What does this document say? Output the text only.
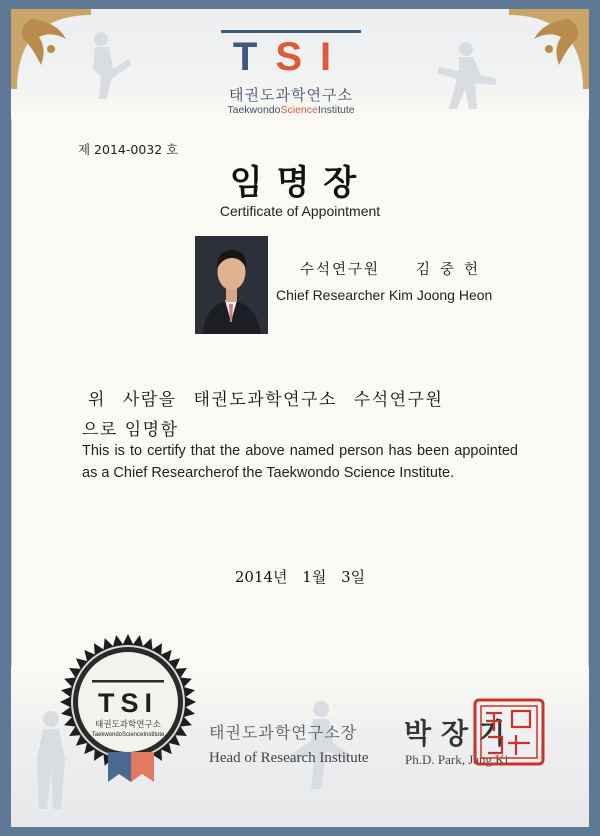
TSI
태권도과학연구소
TaekwondoScienceInstitute
제 2014-0032 호
임명장
Certificate of Appointment
수석연구원 김중헌
Chief Researcher Kim Joong Heon
위 사람을 태권도과학연구소 수석연구원
으로 임명함
This is to certify that the above named person has been appointed as a Chief Researcherof the Taekwondo Science Institute.
2014년 1월 3일
TSI
태권도과학연구소
TaekwondoScienceInstitute	태권도과학연구소장
Head of Research Institute
박장기
Ph.D. Park, Jang Ki
